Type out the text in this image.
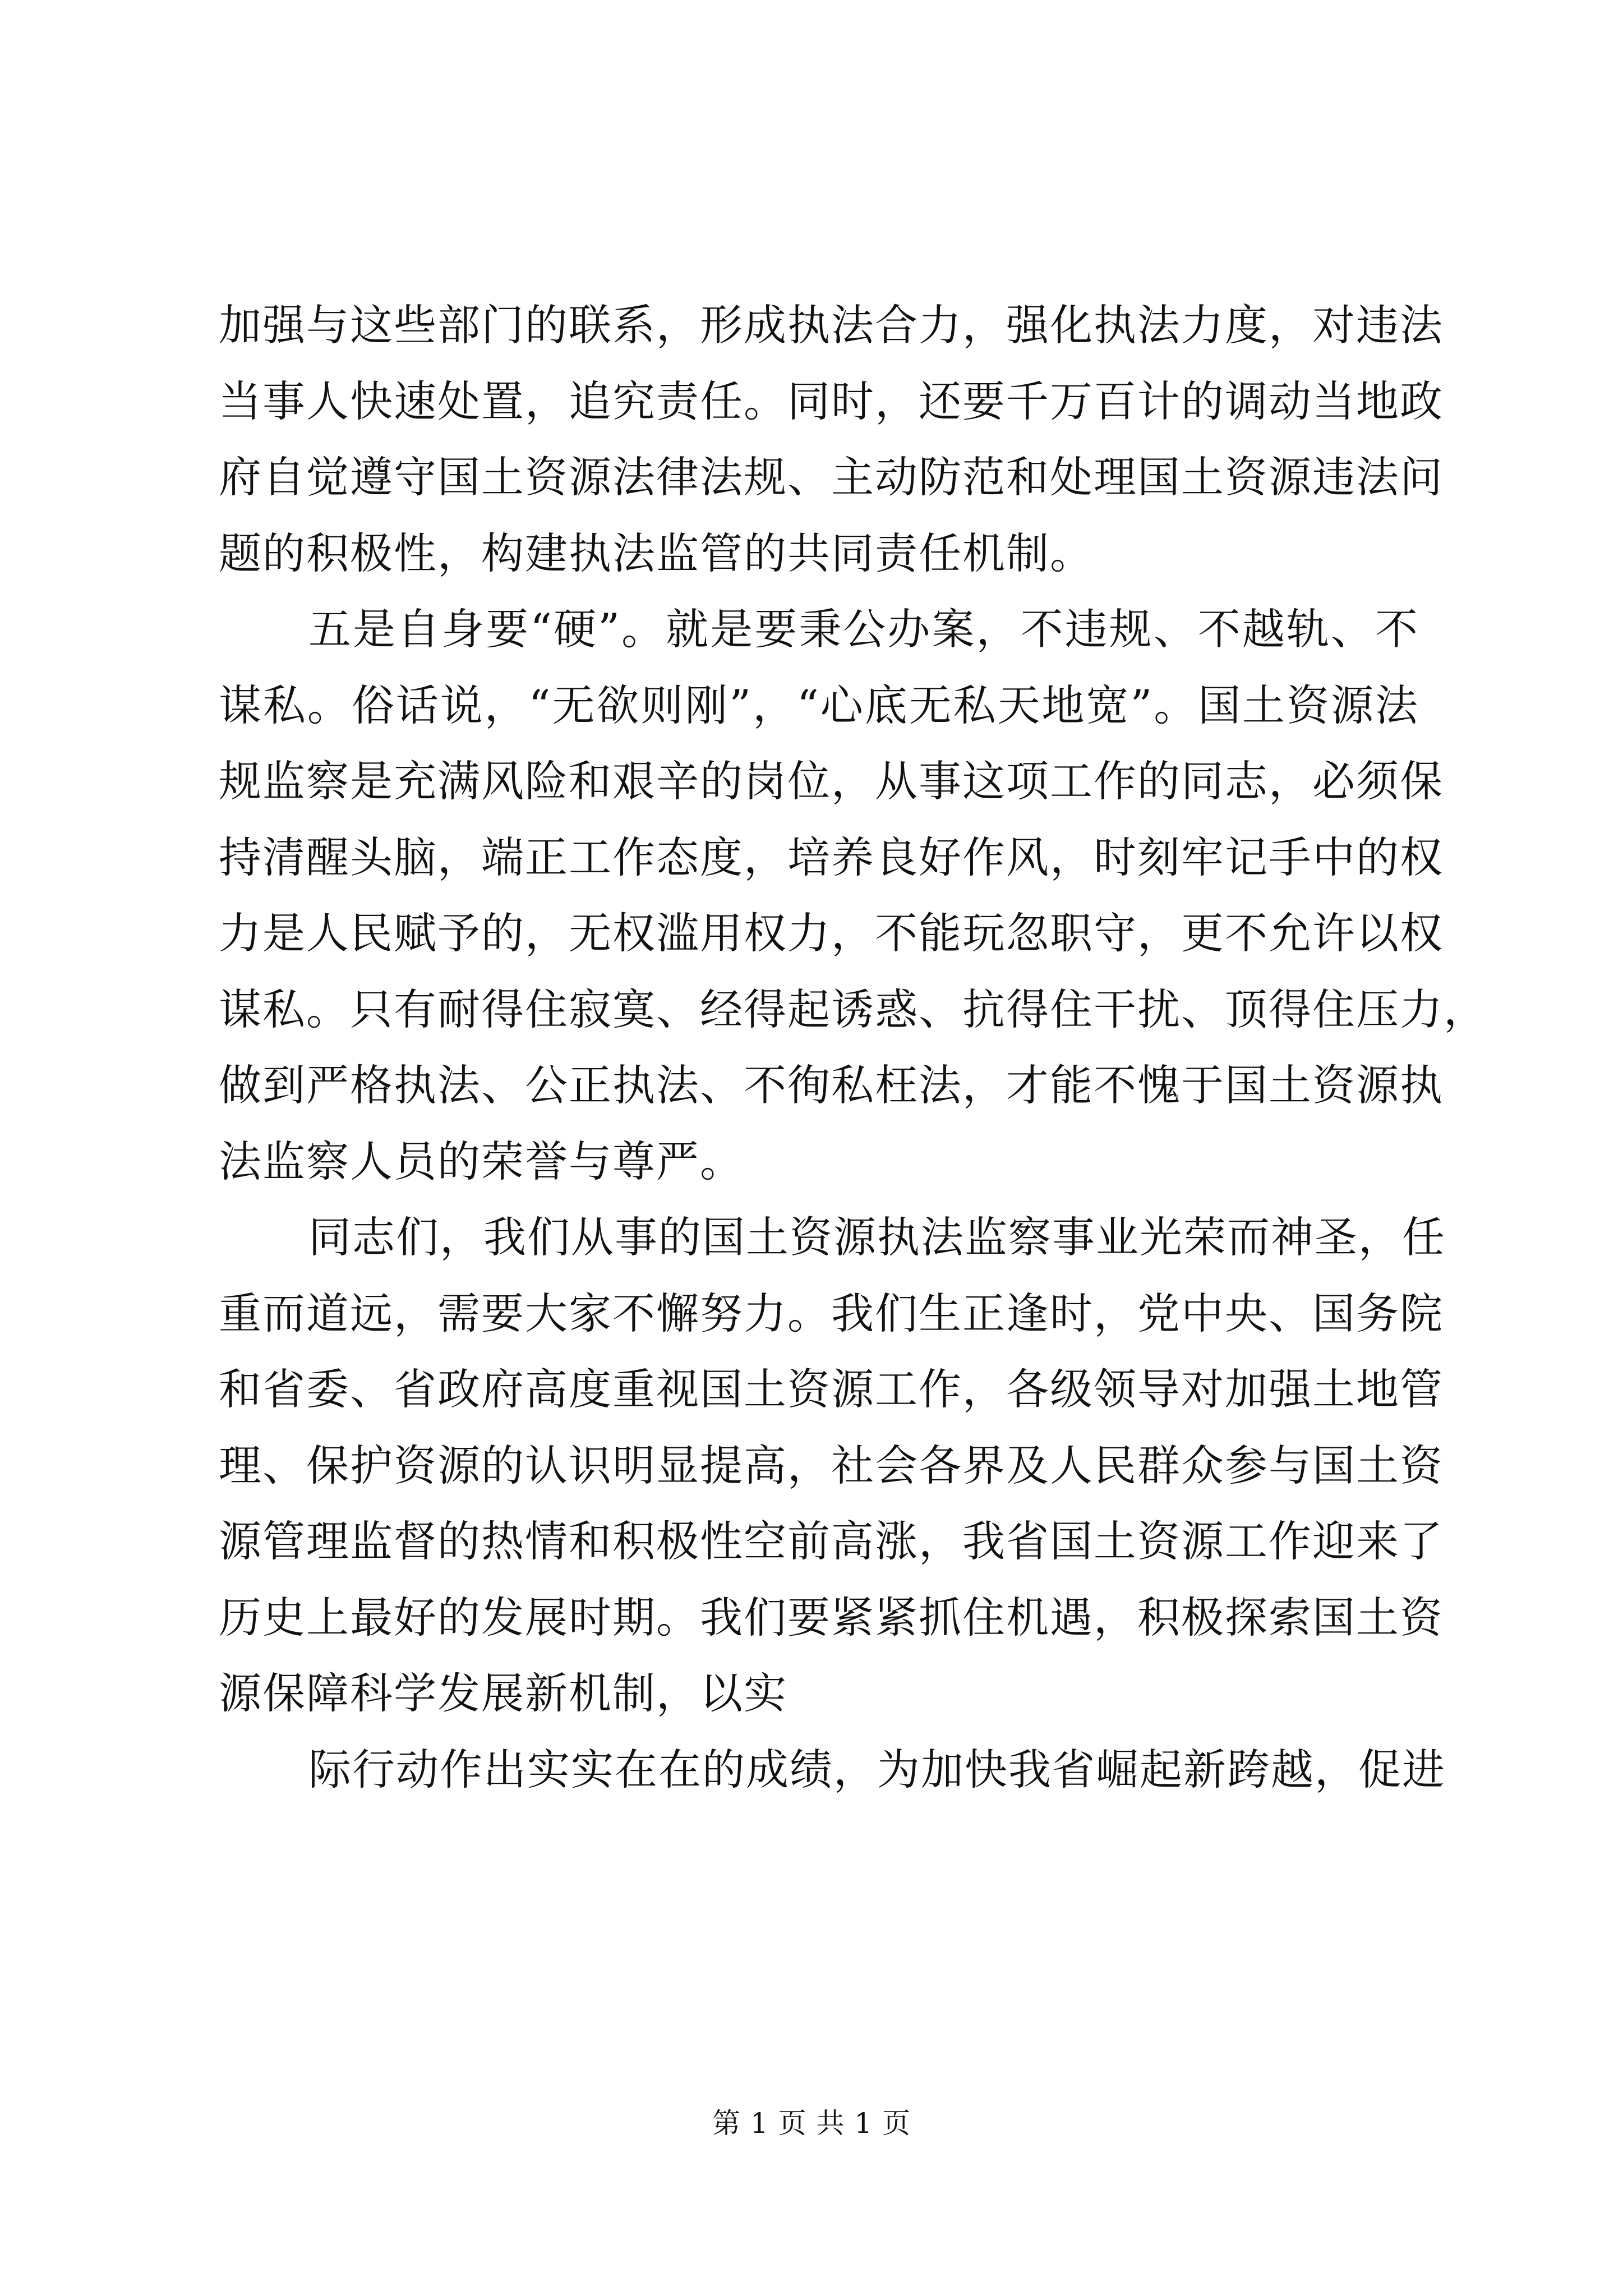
加强与这些部门的联系，形成执法合力，强化执法力度，对违法
当事人快速处置，追究责任。同时，还要千万百计的调动当地政
府自觉遵守国土资源法律法规、主动防范和处理国土资源违法问
题的积极性，构建执法监管的共同责任机制。
五是自身要“硬”。就是要秉公办案，不违规、不越轨、不
谋私。俗话说，“无欲则刚”，“心底无私天地宽”。国土资源法
规监察是充满风险和艰辛的岗位，从事这项工作的同志，必须保
持清醒头脑，端正工作态度，培养良好作风，时刻牢记手中的权
力是人民赋予的，无权滥用权力，不能玩忽职守，更不允许以权
谋私。只有耐得住寂寞、经得起诱惑、抗得住干扰、顶得住压力，
做到严格执法、公正执法、不徇私枉法，才能不愧于国土资源执
法监察人员的荣誉与尊严。
同志们，我们从事的国土资源执法监察事业光荣而神圣，任
重而道远，需要大家不懈努力。我们生正逢时，党中央、国务院
和省委、省政府高度重视国土资源工作，各级领导对加强土地管
理、保护资源的认识明显提高，社会各界及人民群众参与国土资
源管理监督的热情和积极性空前高涨，我省国土资源工作迎来了
历史上最好的发展时期。我们要紧紧抓住机遇，积极探索国土资
源保障科学发展新机制，以实
际行动作出实实在在的成绩，为加快我省崛起新跨越，促进
第 1 页 共 1 页
